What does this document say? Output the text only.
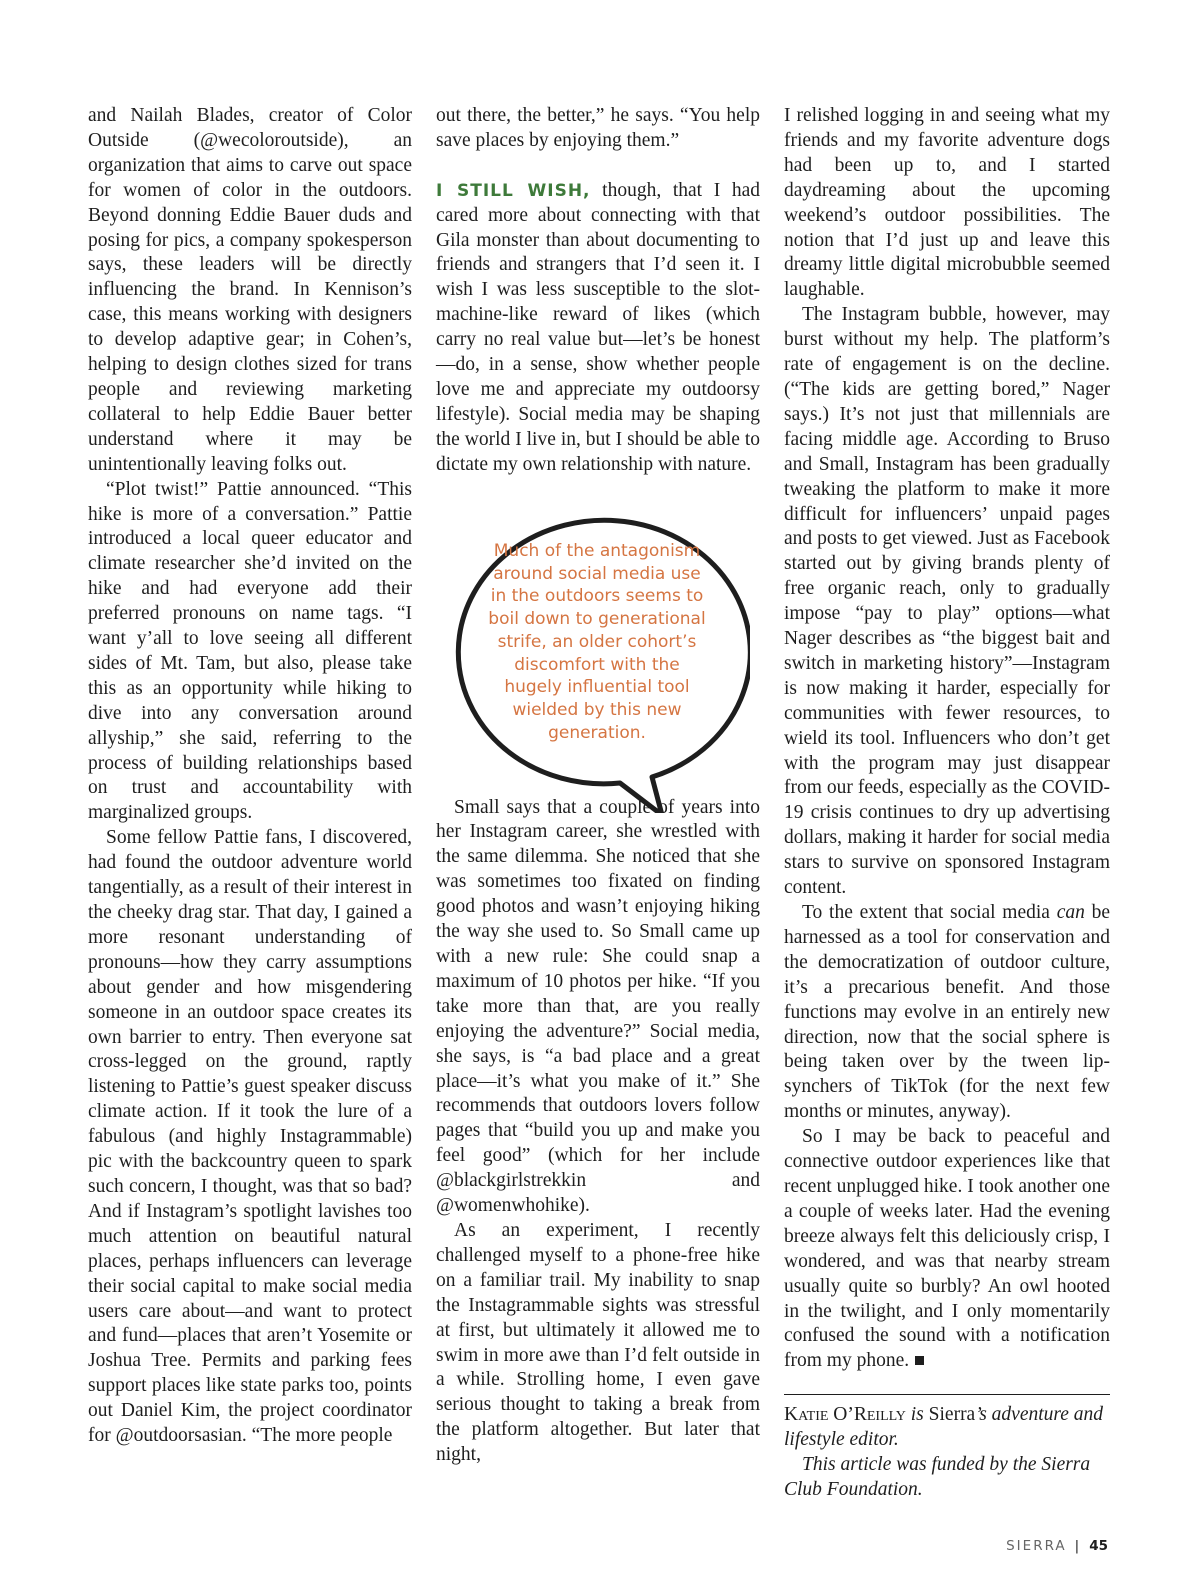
and Nailah Blades, creator of Color Outside (@wecoloroutside), an organization that aims to carve out space for women of color in the outdoors. Beyond donning Eddie Bauer duds and posing for pics, a company spokesperson says, these leaders will be directly influencing the brand. In Kennison’s case, this means working with designers to develop adaptive gear; in Cohen’s, helping to design clothes sized for trans people and reviewing marketing collateral to help Eddie Bauer better understand where it may be unintentionally leaving folks out.

“Plot twist!” Pattie announced. “This hike is more of a conversation.” Pattie introduced a local queer educator and climate researcher she’d invited on the hike and had everyone add their preferred pronouns on name tags. “I want y’all to love seeing all different sides of Mt. Tam, but also, please take this as an opportunity while hiking to dive into any conversation around allyship,” she said, referring to the process of building relationships based on trust and accountability with marginalized groups.

Some fellow Pattie fans, I discovered, had found the outdoor adventure world tangentially, as a result of their interest in the cheeky drag star. That day, I gained a more resonant understanding of pronouns—how they carry assumptions about gender and how misgendering someone in an outdoor space creates its own barrier to entry. Then everyone sat cross-legged on the ground, raptly listening to Pattie’s guest speaker discuss climate action. If it took the lure of a fabulous (and highly Instagrammable) pic with the backcountry queen to spark such concern, I thought, was that so bad? And if Instagram’s spotlight lavishes too much attention on beautiful natural places, perhaps influencers can leverage their social capital to make social media users care about—and want to protect and fund—places that aren’t Yosemite or Joshua Tree. Permits and parking fees support places like state parks too, points out Daniel Kim, the project coordinator for @outdoorsasian. “The more people

out there, the better,” he says. “You help save places by enjoying them.”

I STILL WISH, though, that I had cared more about connecting with that Gila monster than about documenting to friends and strangers that I’d seen it. I wish I was less susceptible to the slot-machine-like reward of likes (which carry no real value but—let’s be honest—do, in a sense, show whether people love me and appreciate my outdoorsy lifestyle). Social media may be shaping the world I live in, but I should be able to dictate my own relationship with nature.

Small says that a couple of years into her Instagram career, she wrestled with the same dilemma. She noticed that she was sometimes too fixated on finding good photos and wasn’t enjoying hiking the way she used to. So Small came up with a new rule: She could snap a maximum of 10 photos per hike. “If you take more than that, are you really enjoying the adventure?” Social media, she says, is “a bad place and a great place—it’s what you make of it.” She recommends that outdoors lovers follow pages that “build you up and make you feel good” (which for her include @blackgirlstrekkin and @womenwhohike).

As an experiment, I recently challenged myself to a phone-free hike on a familiar trail. My inability to snap the Instagrammable sights was stressful at first, but ultimately it allowed me to swim in more awe than I’d felt outside in a while. Strolling home, I even gave serious thought to taking a break from the platform altogether. But later that night,

Much of the antagonism around social media use in the outdoors seems to boil down to generational strife, an older cohort’s discomfort with the hugely influential tool wielded by this new generation.

I relished logging in and seeing what my friends and my favorite adventure dogs had been up to, and I started daydreaming about the upcoming weekend’s outdoor possibilities. The notion that I’d just up and leave this dreamy little digital microbubble seemed laughable.

The Instagram bubble, however, may burst without my help. The platform’s rate of engagement is on the decline. (“The kids are getting bored,” Nager says.) It’s not just that millennials are facing middle age. According to Bruso and Small, Instagram has been gradually tweaking the platform to make it more difficult for influencers’ unpaid pages and posts to get viewed. Just as Facebook started out by giving brands plenty of free organic reach, only to gradually impose “pay to play” options—what Nager describes as “the biggest bait and switch in marketing history”—Instagram is now making it harder, especially for communities with fewer resources, to wield its tool. Influencers who don’t get with the program may just disappear from our feeds, especially as the COVID-19 crisis continues to dry up advertising dollars, making it harder for social media stars to survive on sponsored Instagram content.

To the extent that social media can be harnessed as a tool for conservation and the democratization of outdoor culture, it’s a precarious benefit. And those functions may evolve in an entirely new direction, now that the social sphere is being taken over by the tween lip-synchers of TikTok (for the next few months or minutes, anyway).

So I may be back to peaceful and connective outdoor experiences like that recent unplugged hike. I took another one a couple of weeks later. Had the evening breeze always felt this deliciously crisp, I wondered, and was that nearby stream usually quite so burbly? An owl hooted in the twilight, and I only momentarily confused the sound with a notification from my phone.

Katie O’Reilly is Sierra’s adventure and lifestyle editor.

This article was funded by the Sierra Club Foundation.

SIERRA | 45
